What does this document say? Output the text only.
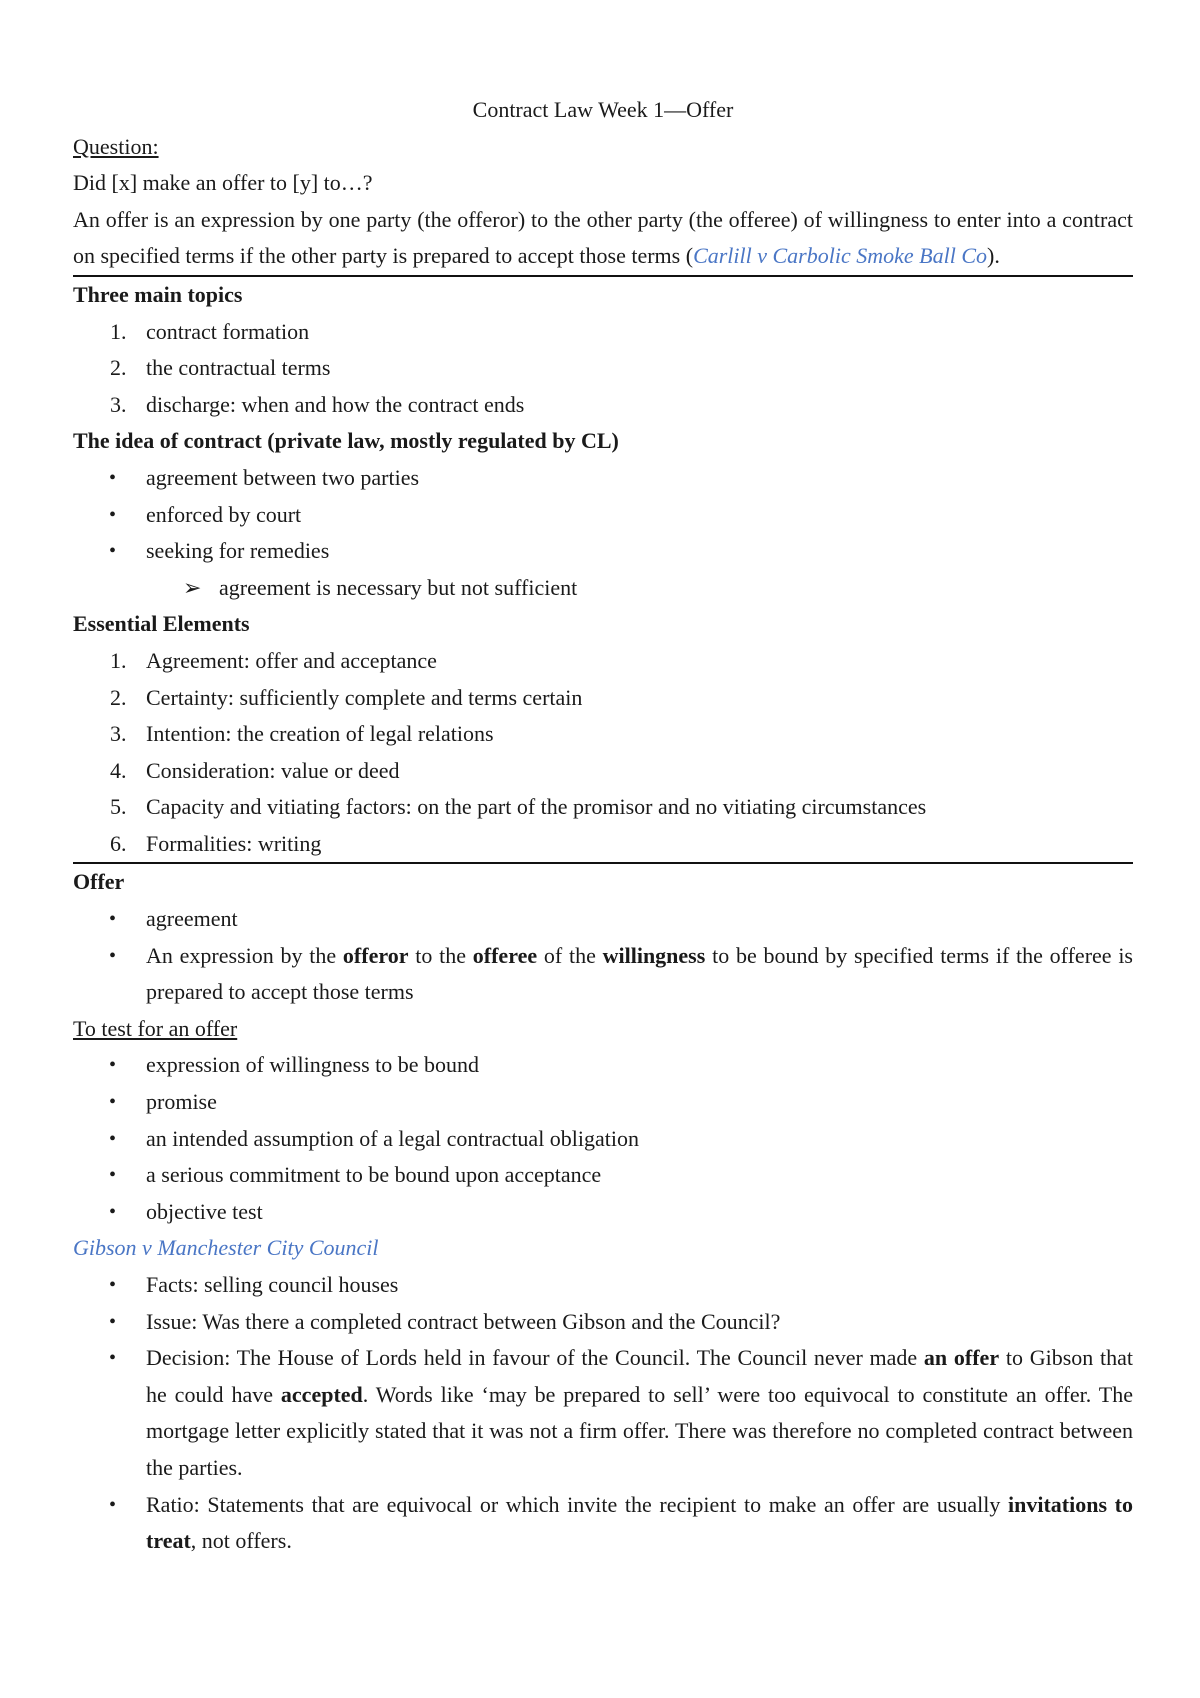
Contract Law Week 1—Offer

Question:

Did [x] make an offer to [y] to…?

An offer is an expression by one party (the offeror) to the other party (the offeree) of willingness to enter into a contract on specified terms if the other party is prepared to accept those terms (Carlill v Carbolic Smoke Ball Co).

Three main topics

1. contract formation
2. the contractual terms
3. discharge: when and how the contract ends

The idea of contract (private law, mostly regulated by CL)

• agreement between two parties
• enforced by court
• seeking for remedies
➢ agreement is necessary but not sufficient

Essential Elements

1. Agreement: offer and acceptance
2. Certainty: sufficiently complete and terms certain
3. Intention: the creation of legal relations
4. Consideration: value or deed
5. Capacity and vitiating factors: on the part of the promisor and no vitiating circumstances
6. Formalities: writing

Offer

• agreement
• An expression by the offeror to the offeree of the willingness to be bound by specified terms if the offeree is prepared to accept those terms

To test for an offer

• expression of willingness to be bound
• promise
• an intended assumption of a legal contractual obligation
• a serious commitment to be bound upon acceptance
• objective test

Gibson v Manchester City Council

• Facts: selling council houses
• Issue: Was there a completed contract between Gibson and the Council?
• Decision: The House of Lords held in favour of the Council. The Council never made an offer to Gibson that he could have accepted. Words like ‘may be prepared to sell’ were too equivocal to constitute an offer. The mortgage letter explicitly stated that it was not a firm offer. There was therefore no completed contract between the parties.
• Ratio: Statements that are equivocal or which invite the recipient to make an offer are usually invitations to treat, not offers.
